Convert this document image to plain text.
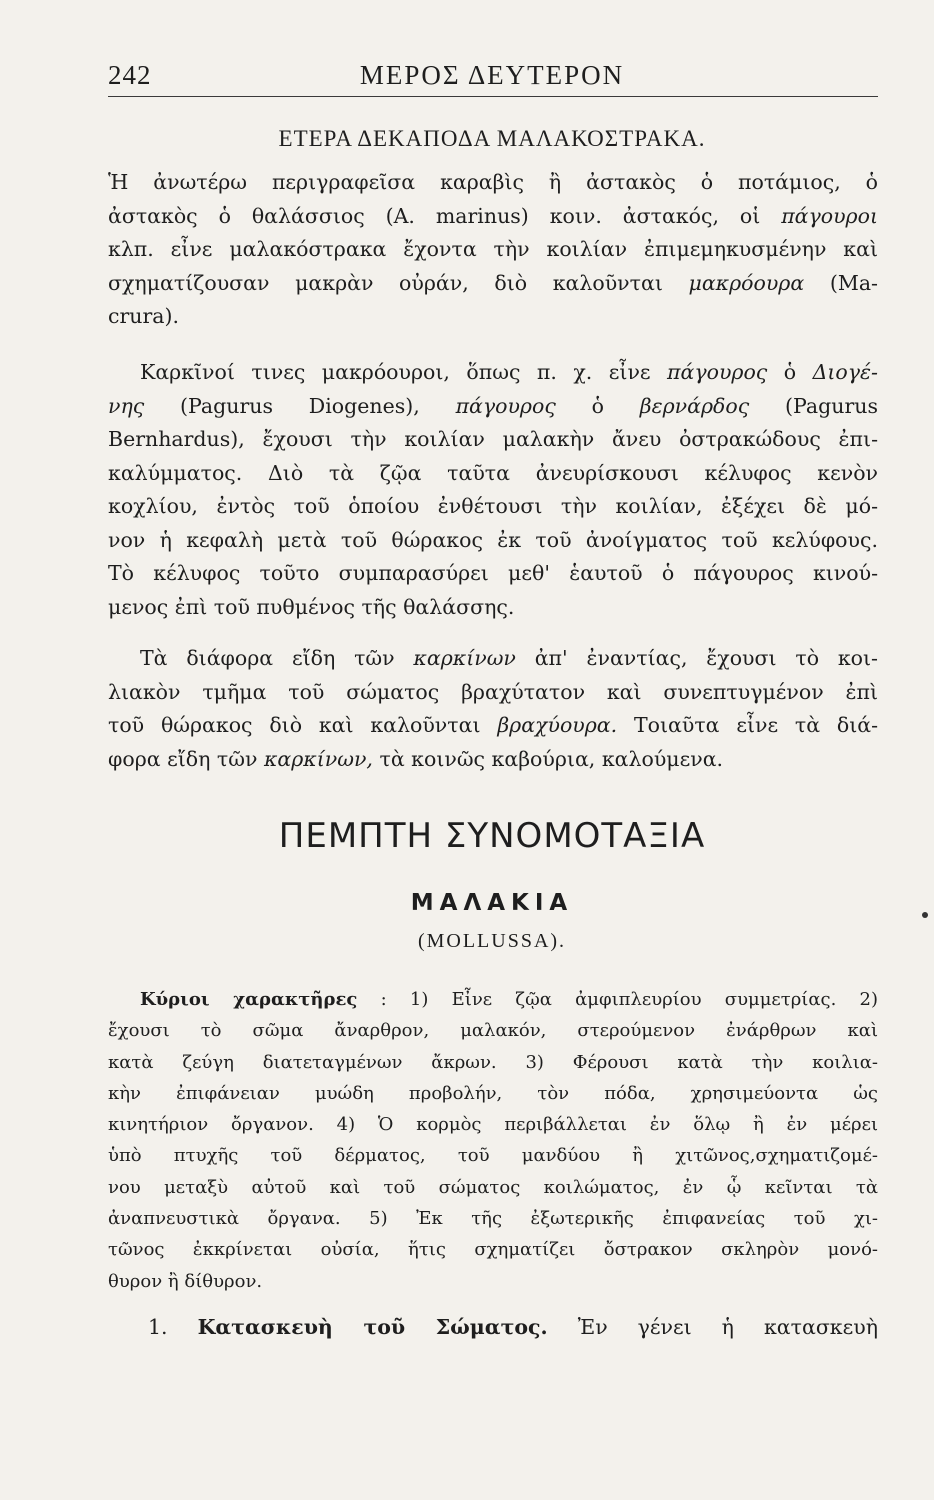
242	ΜΕΡΟΣ ΔΕΥΤΕΡΟΝ
ΕΤΕΡΑ ΔΕΚΑΠΟΔΑ ΜΑΛΑΚΟΣΤΡΑΚΑ.
Ἡ ἀνωτέρω περιγραφεῖσα καραβὶς ἢ ἀστακὸς ὁ ποτάμιος, ὁ
ἀστακὸς ὁ θαλάσσιος (A. marinus) κοιν. ἀστακός, οἱ πάγουροι
κλπ. εἶνε μαλακόστρακα ἔχοντα τὴν κοιλίαν ἐπιμεμηκυσμένην καὶ
σχηματίζουσαν μακρὰν οὐράν, διὸ καλοῦνται μακρόουρα (Ma-
crura).
Καρκῖνοί τινες μακρόουροι, ὅπως π. χ. εἶνε πάγουρος ὁ Διογέ-
νης (Pagurus Diogenes), πάγουρος ὁ βερνάρδος (Pagurus
Bernhardus), ἔχουσι τὴν κοιλίαν μαλακὴν ἄνευ ὀστρακώδους ἐπι-
καλύμματος. Διὸ τὰ ζῷα ταῦτα ἀνευρίσκουσι κέλυφος κενὸν
κοχλίου, ἐντὸς τοῦ ὁποίου ἐνθέτουσι τὴν κοιλίαν, ἐξέχει δὲ μό-
νον ἡ κεφαλὴ μετὰ τοῦ θώρακος ἐκ τοῦ ἀνοίγματος τοῦ κελύφους.
Τὸ κέλυφος τοῦτο συμπαρασύρει μεθ' ἑαυτοῦ ὁ πάγουρος κινού-
μενος ἐπὶ τοῦ πυθμένος τῆς θαλάσσης.
Τὰ διάφορα εἴδη τῶν καρκίνων ἀπ' ἐναντίας, ἔχουσι τὸ κοι-
λιακὸν τμῆμα τοῦ σώματος βραχύτατον καὶ συνεπτυγμένον ἐπὶ
τοῦ θώρακος διὸ καὶ καλοῦνται βραχύουρα. Τοιαῦτα εἶνε τὰ διά-
φορα εἴδη τῶν καρκίνων, τὰ κοινῶς καβούρια, καλούμενα.
ΠΕΜΠΤΗ ΣΥΝΟΜΟΤΑΞΙΑ
ΜΑΛΑΚΙΑ
(MOLLUSSA).
Κύριοι χαρακτῆρες : 1) Εἶνε ζῷα ἀμφιπλευρίου συμμετρίας. 2)
ἔχουσι τὸ σῶμα ἄναρθρον, μαλακόν, στερούμενον ἐνάρθρων καὶ
κατὰ ζεύγη διατεταγμένων ἄκρων. 3) Φέρουσι κατὰ τὴν κοιλια-
κὴν ἐπιφάνειαν μυώδη προβολήν, τὸν πόδα, χρησιμεύοντα ὡς
κινητήριον ὄργανον. 4) Ὁ κορμὸς περιβάλλεται ἐν ὅλῳ ἢ ἐν μέρει
ὑπὸ πτυχῆς τοῦ δέρματος, τοῦ μανδύου ἢ χιτῶνος,σχηματιζομέ-
νου μεταξὺ αὐτοῦ καὶ τοῦ σώματος κοιλώματος, ἐν ᾧ κεῖνται τὰ
ἀναπνευστικὰ ὄργανα. 5) Ἐκ τῆς ἐξωτερικῆς ἐπιφανείας τοῦ χι-
τῶνος ἐκκρίνεται οὐσία, ἥτις σχηματίζει ὄστρακον σκληρὸν μονό-
θυρον ἢ δίθυρον.
1. Κατασκευὴ τοῦ Σώματος. Ἐν γένει ἡ κατασκευὴ
